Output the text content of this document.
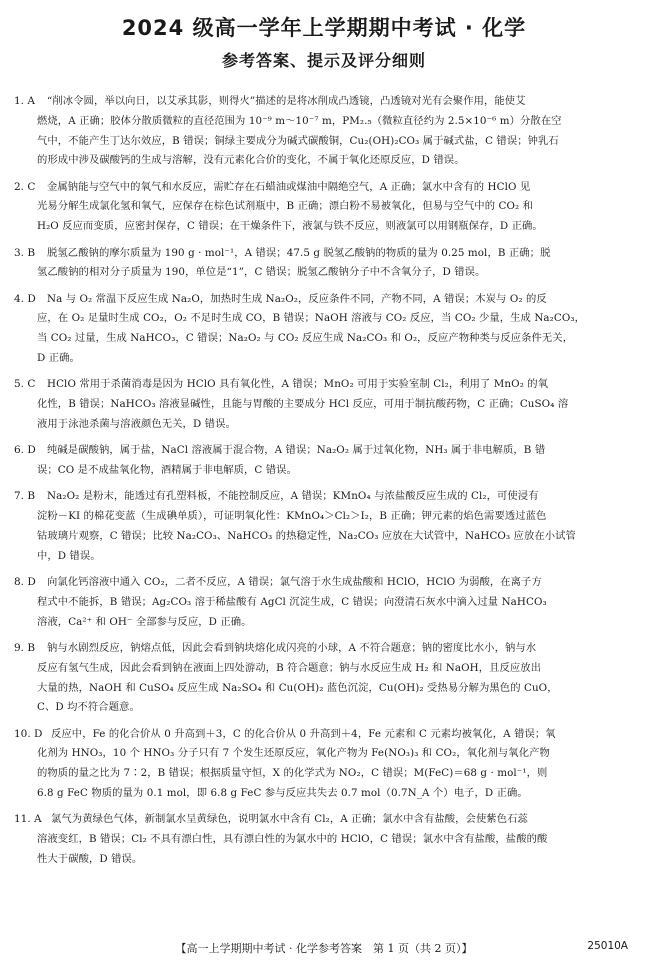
2024 级高一学年上学期期中考试 · 化学
参考答案、提示及评分细则
1. A	“削冰令圆，举以向日，以艾承其影，则得火”描述的是将冰削成凸透镜，凸透镜对光有会聚作用，能使艾
燃烧，A 正确；胶体分散质微粒的直径范围为 10⁻⁹ m～10⁻⁷ m，PM₂.₅（微粒直径约为 2.5×10⁻⁶ m）分散在空
气中，不能产生丁达尔效应，B 错误；铜绿主要成分为碱式碳酸铜，Cu₂(OH)₂CO₃ 属于碱式盐，C 错误；钟乳石
的形成中涉及碳酸钙的生成与溶解，没有元素化合价的变化，不属于氧化还原反应，D 错误。
2. C	金属钠能与空气中的氧气和水反应，需贮存在石蜡油或煤油中隔绝空气，A 正确；氯水中含有的 HClO 见
光易分解生成氯化氢和氧气，应保存在棕色试剂瓶中，B 正确；漂白粉不易被氧化，但易与空气中的 CO₂ 和
H₂O 反应而变质，应密封保存，C 错误；在干燥条件下，液氯与铁不反应，则液氯可以用钢瓶保存，D 正确。
3. B	脱氢乙酸钠的摩尔质量为 190 g · mol⁻¹，A 错误；47.5 g 脱氢乙酸钠的物质的量为 0.25 mol，B 正确；脱
氢乙酸钠的相对分子质量为 190，单位是“1”，C 错误；脱氢乙酸钠分子中不含氧分子，D 错误。
4. D	Na 与 O₂ 常温下反应生成 Na₂O，加热时生成 Na₂O₂，反应条件不同，产物不同，A 错误；木炭与 O₂ 的反
应，在 O₂ 足量时生成 CO₂，O₂ 不足时生成 CO，B 错误；NaOH 溶液与 CO₂ 反应，当 CO₂ 少量，生成 Na₂CO₃，
当 CO₂ 过量，生成 NaHCO₃，C 错误；Na₂O₂ 与 CO₂ 反应生成 Na₂CO₃ 和 O₂，反应产物种类与反应条件无关，
D 正确。
5. C	HClO 常用于杀菌消毒是因为 HClO 具有氧化性，A 错误；MnO₂ 可用于实验室制 Cl₂，利用了 MnO₂ 的氧
化性，B 错误；NaHCO₃ 溶液显碱性，且能与胃酸的主要成分 HCl 反应，可用于制抗酸药物，C 正确；CuSO₄ 溶
液用于泳池杀菌与溶液颜色无关，D 错误。
6. D	纯碱是碳酸钠，属于盐，NaCl 溶液属于混合物，A 错误；Na₂O₂ 属于过氧化物，NH₃ 属于非电解质，B 错
误；CO 是不成盐氧化物，酒精属于非电解质，C 错误。
7. B	Na₂O₂ 是粉末，能透过有孔塑料板，不能控制反应，A 错误；KMnO₄ 与浓盐酸反应生成的 Cl₂，可使浸有
淀粉－KI 的棉花变蓝（生成碘单质），可证明氧化性：KMnO₄＞Cl₂＞I₂，B 正确；钾元素的焰色需要透过蓝色
钴玻璃片观察，C 错误；比较 Na₂CO₃、NaHCO₃ 的热稳定性，Na₂CO₃ 应放在大试管中，NaHCO₃ 应放在小试管
中，D 错误。
8. D	向氯化钙溶液中通入 CO₂，二者不反应，A 错误；氯气溶于水生成盐酸和 HClO，HClO 为弱酸，在离子方
程式中不能拆，B 错误；Ag₂CO₃ 溶于稀盐酸有 AgCl 沉淀生成，C 错误；向澄清石灰水中滴入过量 NaHCO₃
溶液，Ca²⁺ 和 OH⁻ 全部参与反应，D 正确。
9. B	钠与水剧烈反应，钠熔点低，因此会看到钠块熔化成闪亮的小球，A 不符合题意；钠的密度比水小，钠与水
反应有氢气生成，因此会看到钠在液面上四处游动，B 符合题意；钠与水反应生成 H₂ 和 NaOH，且反应放出
大量的热，NaOH 和 CuSO₄ 反应生成 Na₂SO₄ 和 Cu(OH)₂ 蓝色沉淀，Cu(OH)₂ 受热易分解为黑色的 CuO，
C、D 均不符合题意。
10. D 反应中，Fe 的化合价从 0 升高到＋3，C 的化合价从 0 升高到＋4，Fe 元素和 C 元素均被氧化，A 错误；氧
化剂为 HNO₃，10 个 HNO₃ 分子只有 7 个发生还原反应，氧化产物为 Fe(NO₃)₃ 和 CO₂，氧化剂与氧化产物
的物质的量之比为 7∶2，B 错误；根据质量守恒，X 的化学式为 NO₂，C 错误；M(FeC)＝68 g · mol⁻¹，则
6.8 g FeC 物质的量为 0.1 mol，即 6.8 g FeC 参与反应共失去 0.7 mol（0.7N_A 个）电子，D 正确。
11. A 氯气为黄绿色气体，新制氯水呈黄绿色，说明氯水中含有 Cl₂，A 正确；氯水中含有盐酸，会使紫色石蕊
溶液变红，B 错误；Cl₂ 不具有漂白性，具有漂白性的为氯水中的 HClO，C 错误；氯水中含有盐酸，盐酸的酸
性大于碳酸，D 错误。
【高一上学期期中考试 · 化学参考答案　第 1 页（共 2 页）】	25010A
